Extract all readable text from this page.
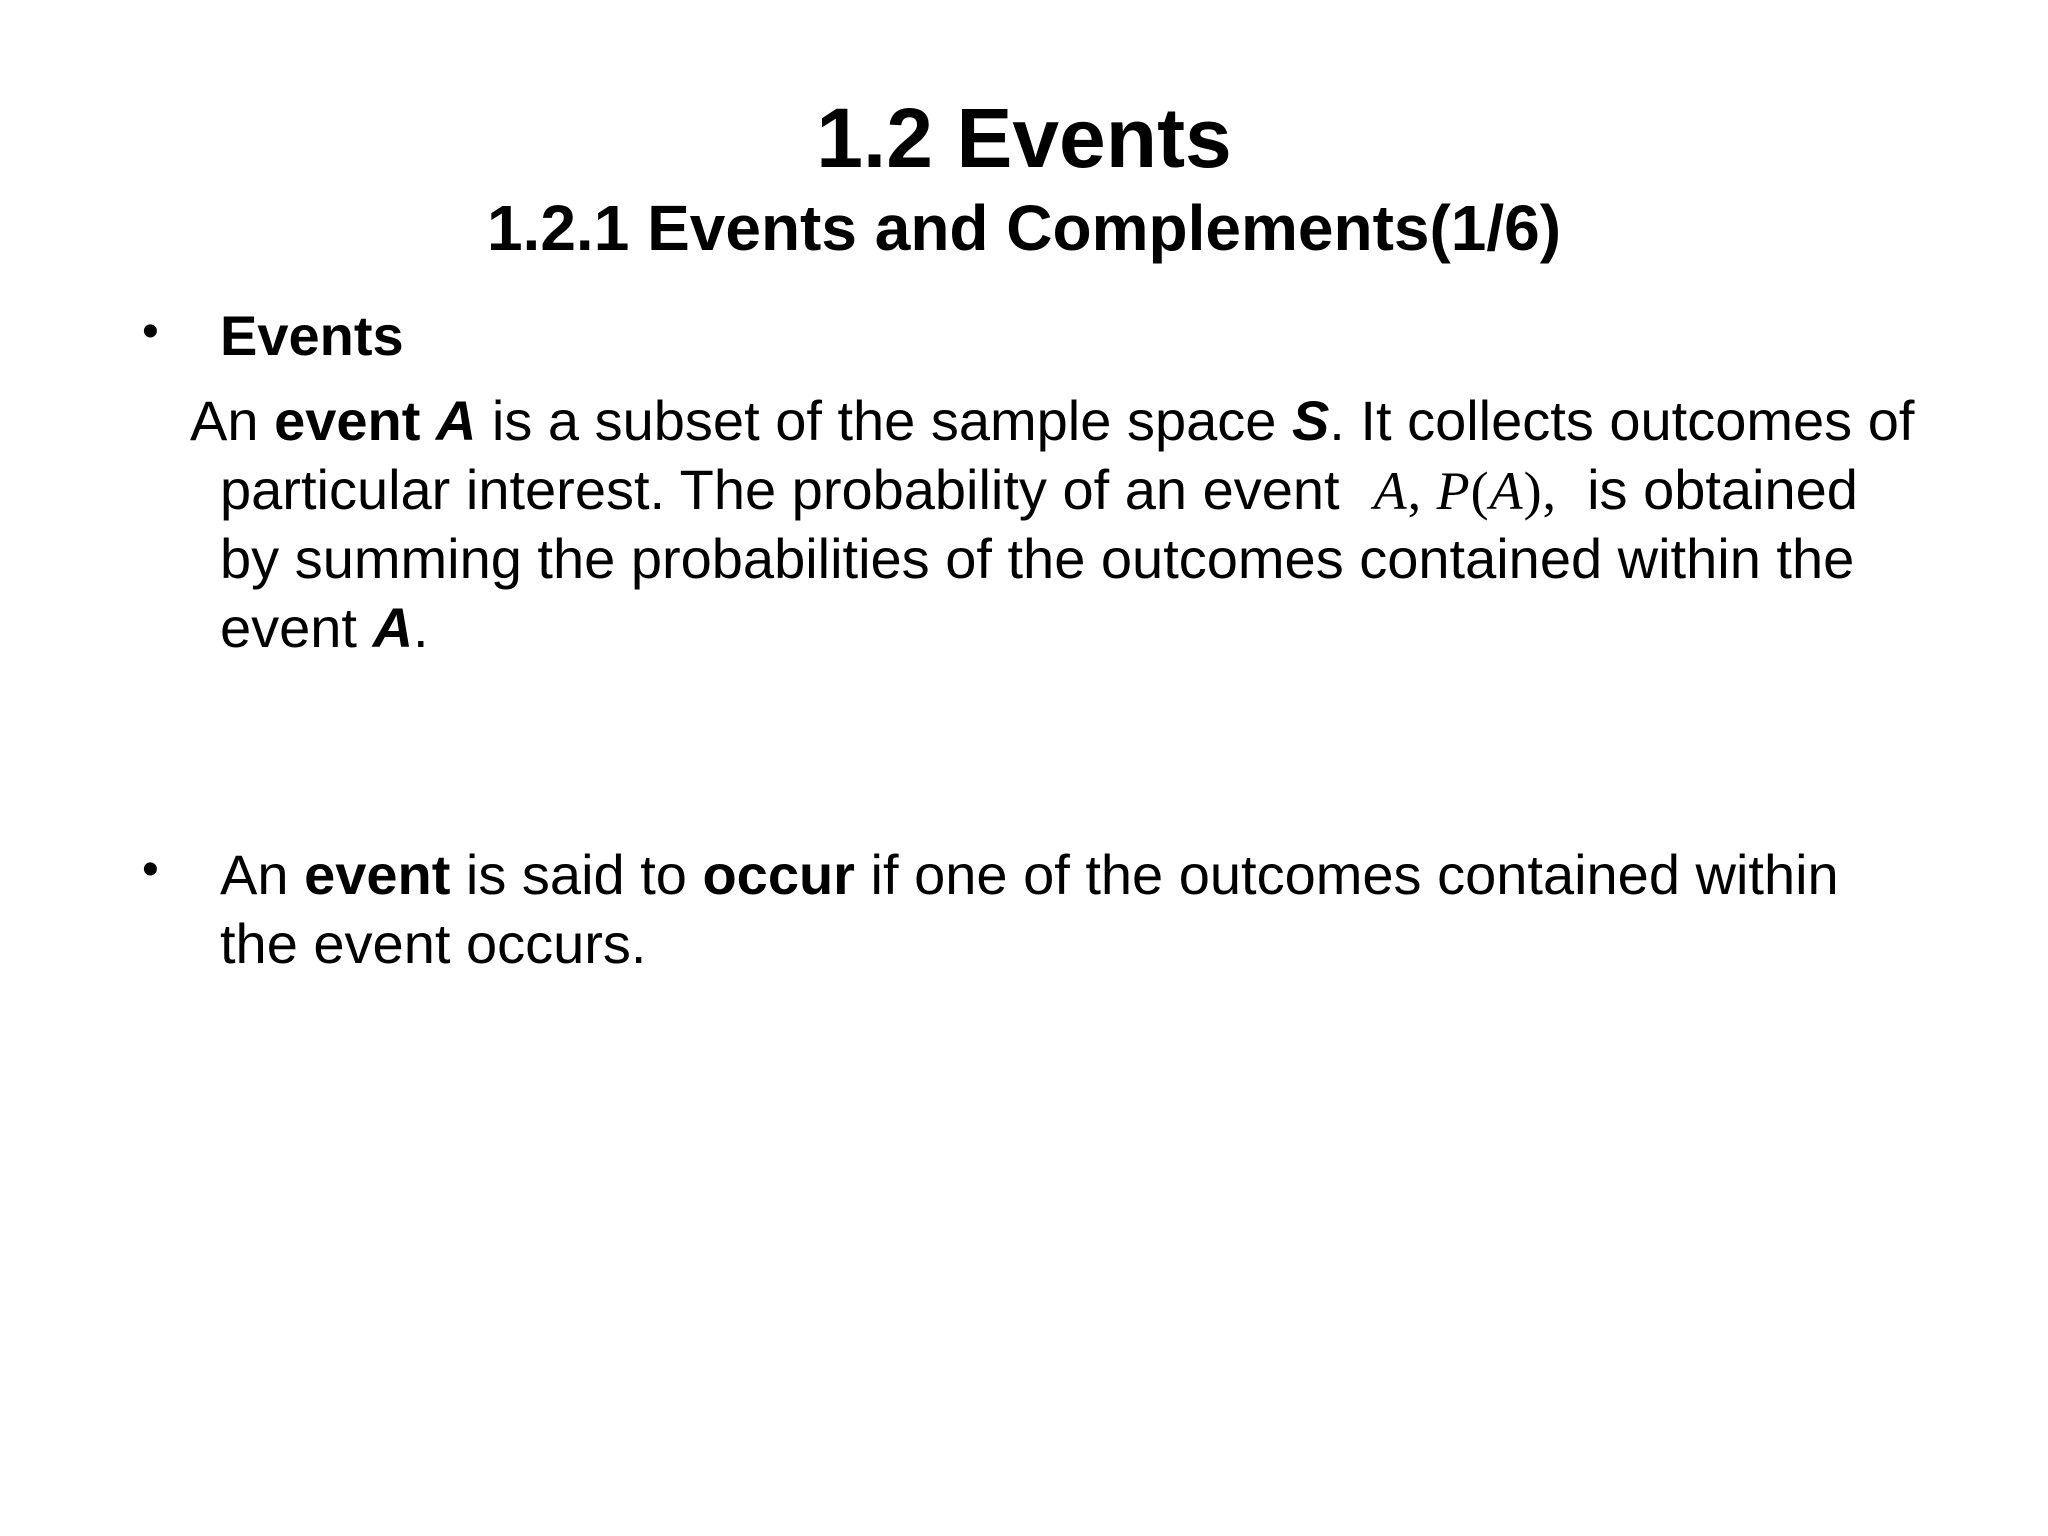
1.2 Events
1.2.1 Events and Complements(1/6)
• Events
An event A is a subset of the sample space S. It collects outcomes of
particular interest. The probability of an event A, P(A), is obtained
by summing the probabilities of the outcomes contained within the
event A.
• An event is said to occur if one of the outcomes contained within
the event occurs.
